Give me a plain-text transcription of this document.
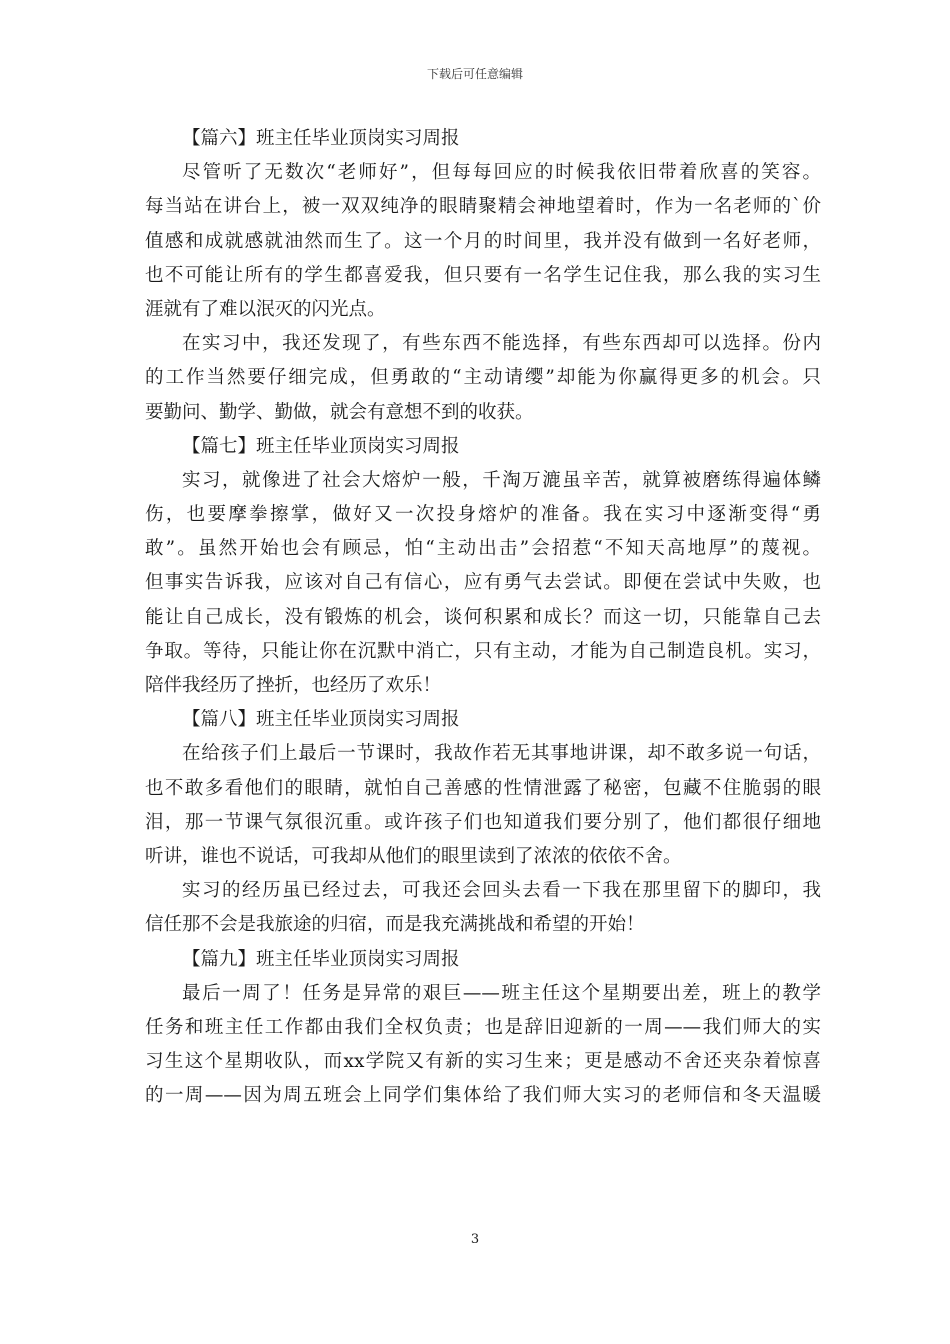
下载后可任意编辑
【篇六】班主任毕业顶岗实习周报
尽管听了无数次“老师好”，但每每回应的时候我依旧带着欣喜的笑容。
每当站在讲台上，被一双双纯净的眼睛聚精会神地望着时，作为一名老师的`价
值感和成就感就油然而生了。这一个月的时间里，我并没有做到一名好老师，
也不可能让所有的学生都喜爱我，但只要有一名学生记住我，那么我的实习生
涯就有了难以泯灭的闪光点。
在实习中，我还发现了，有些东西不能选择，有些东西却可以选择。份内
的工作当然要仔细完成，但勇敢的“主动请缨”却能为你赢得更多的机会。只
要勤问、勤学、勤做，就会有意想不到的收获。
【篇七】班主任毕业顶岗实习周报
实习，就像进了社会大熔炉一般，千淘万漉虽辛苦，就算被磨练得遍体鳞
伤，也要摩拳擦掌，做好又一次投身熔炉的准备。我在实习中逐渐变得“勇
敢”。虽然开始也会有顾忌，怕“主动出击”会招惹“不知天高地厚”的蔑视。
但事实告诉我，应该对自己有信心，应有勇气去尝试。即便在尝试中失败，也
能让自己成长，没有锻炼的机会，谈何积累和成长？而这一切，只能靠自己去
争取。等待，只能让你在沉默中消亡，只有主动，才能为自己制造良机。实习，
陪伴我经历了挫折，也经历了欢乐！
【篇八】班主任毕业顶岗实习周报
在给孩子们上最后一节课时，我故作若无其事地讲课，却不敢多说一句话，
也不敢多看他们的眼睛，就怕自己善感的性情泄露了秘密，包藏不住脆弱的眼
泪，那一节课气氛很沉重。或许孩子们也知道我们要分别了，他们都很仔细地
听讲，谁也不说话，可我却从他们的眼里读到了浓浓的依依不舍。
实习的经历虽已经过去，可我还会回头去看一下我在那里留下的脚印，我
信任那不会是我旅途的归宿，而是我充满挑战和希望的开始！
【篇九】班主任毕业顶岗实习周报
最后一周了！任务是异常的艰巨——班主任这个星期要出差，班上的教学
任务和班主任工作都由我们全权负责；也是辞旧迎新的一周——我们师大的实
习生这个星期收队，而xx学院又有新的实习生来；更是感动不舍还夹杂着惊喜
的一周——因为周五班会上同学们集体给了我们师大实习的老师信和冬天温暖
3
